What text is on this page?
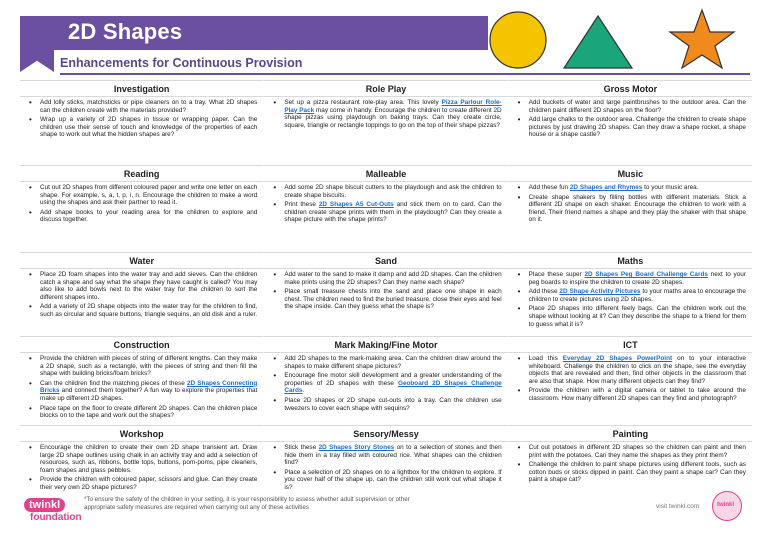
2D Shapes
Enhancements for Continuous Provision
Investigation	Role Play	Gross Motor
• Add lolly sticks, matchsticks or pipe cleaners on to a tray. What 2D shapes can the children create with the materials provided?
• Wrap up a variety of 2D shapes in tissue or wrapping paper. Can the children use their sense of touch and knowledge of the properties of each shape to work out what the hidden shapes are?
• Set up a pizza restaurant role-play area. This lovely Pizza Parlour Role-Play Pack may come in handy. Encourage the children to create different 2D shape pizzas using playdough on baking trays. Can they create circle, square, triangle or rectangle toppings to go on the top of their shape pizzas?
• Add buckets of water and large paintbrushes to the outdoor area. Can the children paint different 2D shapes on the floor?
• Add large chalks to the outdoor area. Challenge the children to create shape pictures by just drawing 2D shapes. Can they draw a shape rocket, a shape house or a shape castle?
Reading	Malleable	Music
• Cut out 2D shapes from different coloured paper and write one letter on each shape. For example, s, a, t, p, i, n. Encourage the children to make a word using the shapes and ask their partner to read it.
• Add shape books to your reading area for the children to explore and discuss together.
• Add some 2D shape biscuit cutters to the playdough and ask the children to create shape biscuits.
• Print these 2D Shapes A5 Cut-Outs and stick them on to card. Can the children create shape prints with them in the playdough? Can they create a shape picture with the shape prints?
• Add these fun 2D Shapes and Rhymes to your music area.
• Create shape shakers by filling bottles with different materials. Stick a different 2D shape on each shaker. Encourage the children to work with a friend. Their friend names a shape and they play the shaker with that shape on it.
Water	Sand	Maths
• Place 2D foam shapes into the water tray and add sieves. Can the children catch a shape and say what the shape they have caught is called? You may also like to add bowls next to the water tray for the children to sort the different shapes into.
• Add a variety of 2D shape objects into the water tray for the children to find, such as circular and square buttons, triangle sequins, an old disk and a ruler.
• Add water to the sand to make it damp and add 2D shapes. Can the children make prints using the 2D shapes? Can they name each shape?
• Place small treasure chests into the sand and place one shape in each chest. The children need to find the buried treasure, close their eyes and feel the shape inside. Can they guess what the shape is?
• Place these super 2D Shapes Peg Board Challenge Cards next to your peg boards to inspire the children to create 2D shapes.
• Add these 2D Shape Activity Pictures to your maths area to encourage the children to create pictures using 2D shapes.
• Place 2D shapes into different feely bags. Can the children work out the shape without looking at it? Can they describe the shape to a friend for them to guess what it is?
Construction	Mark Making/Fine Motor	ICT
• Provide the children with pieces of string of different lengths. Can they make a 2D shape, such as a rectangle, with the pieces of string and then fill the shape with building bricks/foam bricks?
• Can the children find the matching pieces of these 2D Shapes Connecting Bricks and connect them together? A fun way to explore the properties that make up different 2D shapes.
• Place tape on the floor to create different 2D shapes. Can the children place blocks on to the tape and work out the shapes?
• Add 2D shapes to the mark-making area. Can the children draw around the shapes to make different shape pictures?
• Encourage fine motor skill development and a greater understanding of the properties of 2D shapes with these Geoboard 2D Shapes Challenge Cards.
• Place 2D shapes or 2D shape cut-outs into a tray. Can the children use tweezers to cover each shape with sequins?
• Load this Everyday 2D Shapes PowerPoint on to your interactive whiteboard. Challenge the children to click on the shape, see the everyday objects that are revealed and then, find other objects in the classroom that are also that shape. How many different objects can they find?
• Provide the children with a digital camera or tablet to take around the classroom. How many different 2D shapes can they find and photograph?
Workshop	Sensory/Messy	Painting
• Encourage the children to create their own 2D shape transient art. Draw large 2D shape outlines using chalk in an activity tray and add a selection of resources, such as, ribbons, bottle tops, buttons, pom-poms, pipe cleaners, foam shapes and glass pebbles.
• Provide the children with coloured paper, scissors and glue. Can they create their very own 2D shape pictures?
• Stick these 2D Shapes Story Stones on to a selection of stones and then hide them in a tray filled with coloured rice. What shapes can the children find?
• Place a selection of 2D shapes on to a lightbox for the children to explore. If you cover half of the shape up, can the children still work out what shape it is?
• Cut out potatoes in different 2D shapes so the children can paint and then print with the potatoes. Can they name the shapes as they print them?
• Challenge the children to paint shape pictures using different tools, such as cotton buds or sticks dipped in paint. Can they paint a shape car? Can they paint a shape cat?
twinkl
foundation
*To ensure the safety of the children in your setting, it is your responsibility to assess whether adult supervision or other appropriate safety measures are required when carrying out any of these activities	visit twinkl.com	twinkl
